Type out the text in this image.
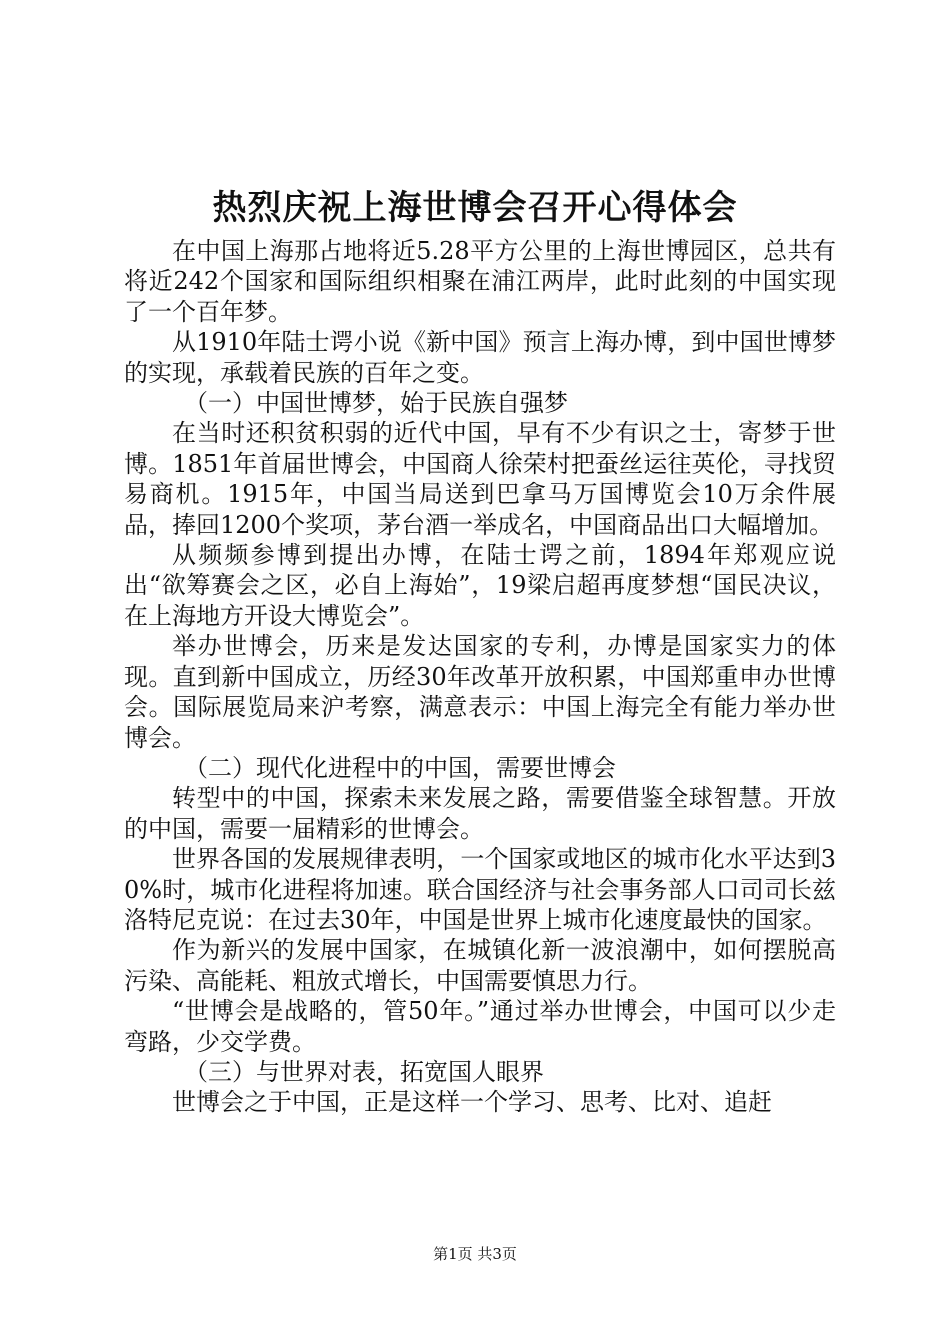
热烈庆祝上海世博会召开心得体会

在中国上海那占地将近5.28平方公里的上海世博园区，总共有将近242个国家和国际组织相聚在浦江两岸，此时此刻的中国实现了一个百年梦。

从1910年陆士谔小说《新中国》预言上海办博，到中国世博梦的实现，承载着民族的百年之变。

（一）中国世博梦，始于民族自强梦

在当时还积贫积弱的近代中国，早有不少有识之士，寄梦于世博。1851年首届世博会，中国商人徐荣村把蚕丝运往英伦，寻找贸易商机。1915年，中国当局送到巴拿马万国博览会10万余件展品，捧回1200个奖项，茅台酒一举成名，中国商品出口大幅增加。

从频频参博到提出办博，在陆士谔之前，1894年郑观应说出“欲筹赛会之区，必自上海始”，19梁启超再度梦想“国民决议，在上海地方开设大博览会”。

举办世博会，历来是发达国家的专利，办博是国家实力的体现。直到新中国成立，历经30年改革开放积累，中国郑重申办世博会。国际展览局来沪考察，满意表示：中国上海完全有能力举办世博会。

（二）现代化进程中的中国，需要世博会

转型中的中国，探索未来发展之路，需要借鉴全球智慧。开放的中国，需要一届精彩的世博会。

世界各国的发展规律表明，一个国家或地区的城市化水平达到30%时，城市化进程将加速。联合国经济与社会事务部人口司司长兹洛特尼克说：在过去30年，中国是世界上城市化速度最快的国家。

作为新兴的发展中国家，在城镇化新一波浪潮中，如何摆脱高污染、高能耗、粗放式增长，中国需要慎思力行。

“世博会是战略的，管50年。”通过举办世博会，中国可以少走弯路，少交学费。

（三）与世界对表，拓宽国人眼界

世博会之于中国，正是这样一个学习、思考、比对、追赶

第1页 共3页
